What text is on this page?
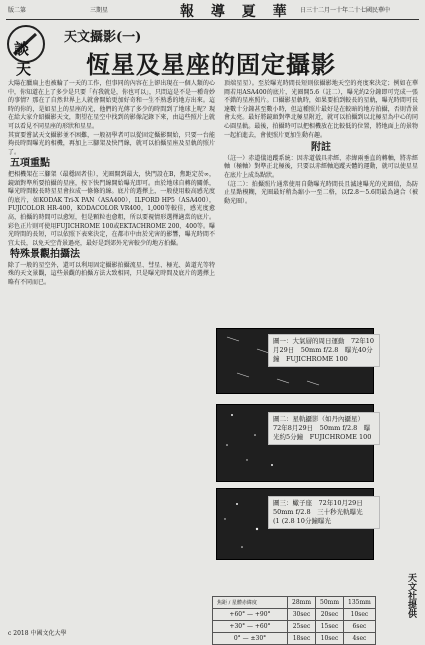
版二第	三期星	報 導 夏 華 日三十二月一十年二十七國民華中
談
天
天文攝影(一)
恆星及星座的固定攝影
大陽在臘扁上也被輪了一天的工作，但事同的內容在上卻出現在一個人類的心中，你知道在上了多少是只要「有我就是，你也可以」，只問這是不是一種奇妙的事情？那在了自然世界上人就會開始更加好奇和一生不熟悉的地方出來。這時的你的，是如星上的星座的光，他們的光傳了多少的時間到了地球上呢？現在給大家介紹攝影天文，期望在星空中找到的影像記錄下來，由這些照片上就可以看見不同星座的形狀和星星。
其實要嘗試天文攝影並不困難，一般初學者可以從固定攝影開始，只要一台能夠長時間曝光的相機，再加上三腳架及快門線，就可以拍攝星座及星軌的照片了。
五項重點
把相機架在三腳架（最穩固者佳），光圈開到最大，快門設在B，焦距定於∞，鏡頭對準所要拍攝的星座，按下快門線開始曝光即可。由於地球自轉的關係，曝光時間較長時星星會拉成一條條的線。底片的選擇上，一般使用較高感光度的底片，如KODAK Tri-X PAN（ASA400），ILFORD HP5（ASA400），FUJICOLOR HR-400，KODACOLOR VR400，1,000等較佳，感光度愈高，拍攝的時間可以愈短，但是顆粒也愈粗，所以要視情形選擇適當的底片。彩色正片則可使用FUJICHROME 100或EKTACHROME 200、400等。曝光時間的長短，可以依照下表來決定，在都市中由於光害的影響，曝光時間不宜太長，以免天空背景過亮，最好是到郊外光害較少的地方拍攝。
特殊景觀拍攝法
除了一般的星空外，還可以利用固定攝影拍攝流星、彗星、極光、黃道光等特殊的天文景觀，這些景觀的拍攝方法大致相同，只是曝光時間及底片的選擇上略有不同而已。
頂端星星）。至於曝光時間長短則依攝影地天空的亮度來決定；例如在華岡若用ASA400的底片，光圈開5.6（註二），曝光約2分鐘即可完成一張不錯的星座照片。口攝影星軌時，如果要拍到較長的星軌，曝光時間可長達數十分鐘甚至數小時，但這種照片最好是在較暗的地方拍攝，否則背景會太亮。最好將鏡頭對準北極星附近，就可以拍攝到以北極星為中心的同心圓星軌。最後，拍攝時可以把相機放在比較低的位置，將地面上的景物一起拍進去，會使照片更加生動有趣。
附註
（註一）赤道儀追蹤系統：因赤道儀具赤經、赤緯兩垂直的轉軸，將赤經軸（極軸）對準正北極後，只要以赤經軸追蹤天體的運動，就可以使星星在底片上成為點狀。
（註二）：拍攝照片通常使用自動曝光時間長且滅速曝光的光圈值，為防止星點模糊，光圈最好稍為縮小一至二格，以f2.8～5.6間最為適合（被動光圈）。
圖一：大氣層的周日運動　72年10月29日　50mm f/2.8　曝光40分鐘　FUJICHROME 100
圖二：星軌攝影（如丹內攝星）　72年8月29日　50mm f/2.8　曝光約5分鐘　FUJICHROME 100
圖三：蠍子座　72年10月29日　50mm f/2.8　三十秒光軌曝光　(1 (2.8 10分鐘曝光
焦距 / 星體赤緯度	28mm	50mm	135mm
+60° — +90°	30sec	20sec	10sec
+30° — +60°	25sec	15sec	6sec
0° — ±30°	18sec	10sec	4sec
天文社提供
c 2018 中國文化大學
